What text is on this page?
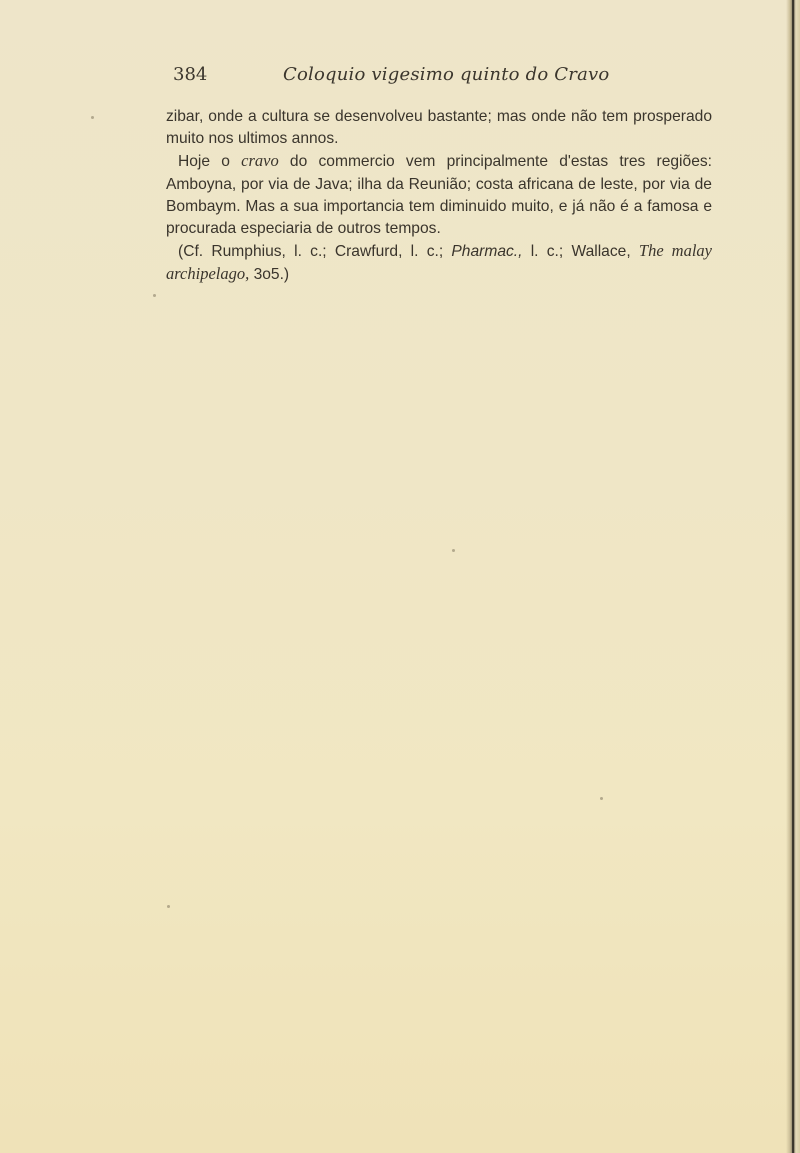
384	Coloquio vigesimo quinto do Cravo

zibar, onde a cultura se desenvolveu bastante; mas onde não tem prosperado muito nos ultimos annos.

Hoje o cravo do commercio vem principalmente d'estas tres regiões: Amboyna, por via de Java; ilha da Reunião; costa africana de leste, por via de Bombaym. Mas a sua importancia tem diminuido muito, e já não é a famosa e procurada especiaria de outros tempos.

(Cf. Rumphius, l. c.; Crawfurd, l. c.; Pharmac., l. c.; Wallace, The malay archipelago, 3o5.)
